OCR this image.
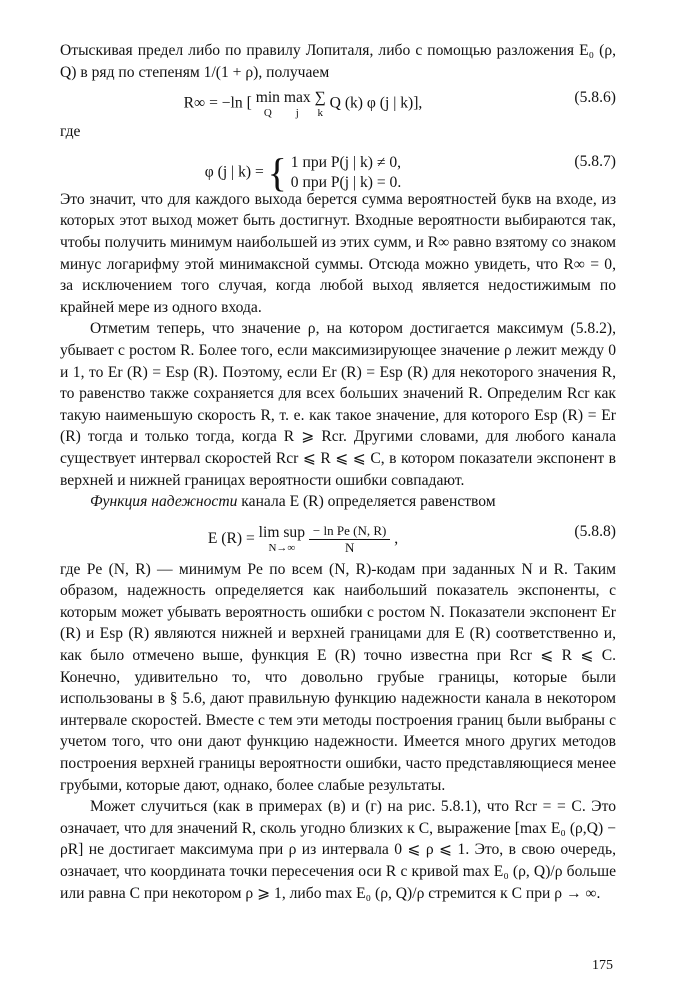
Отыскивая предел либо по правилу Лопиталя, либо с помощью разложения E₀ (ρ, Q) в ряд по степеням 1/(1 + ρ), получаем

R∞ = −ln [ min
Q
max
j
∑
k
Q (k) φ (j | k)],	(5.8.6)

где

φ (j | k) = { 1 при P(j | k) ≠ 0,
0 при P(j | k) = 0.
(5.8.7)

Это значит, что для каждого выхода берется сумма вероятностей букв на входе, из которых этот выход может быть достигнут. Входные вероятности выбираются так, чтобы получить минимум наибольшей из этих сумм, и R∞ равно взятому со знаком минус логарифму этой минимаксной суммы. Отсюда можно увидеть, что R∞ = 0, за исключением того случая, когда любой выход является недостижимым по крайней мере из одного входа.

Отметим теперь, что значение ρ, на котором достигается максимум (5.8.2), убывает с ростом R. Более того, если максимизирующее значение ρ лежит между 0 и 1, то Er (R) = Esp (R). Поэтому, если Er (R) = Esp (R) для некоторого значения R, то равенство также сохраняется для всех больших значений R. Определим Rcr как такую наименьшую скорость R, т. е. как такое значение, для которого Esp (R) = Er (R) тогда и только тогда, когда R ⩾ Rcr. Другими словами, для любого канала существует интервал скоростей Rcr ⩽ R ⩽ ⩽ C, в котором показатели экспонент в верхней и нижней границах вероятности ошибки совпадают.

Функция надежности канала E (R) определяется равенством

E (R) = lim sup
N→∞
	$\frac{\text{− ln Pe (N, R)}}{N}$ ,	(5.8.8)

где Pe (N, R) — минимум Pe по всем (N, R)-кодам при заданных N и R. Таким образом, надежность определяется как наибольший показатель экспоненты, с которым может убывать вероятность ошибки с ростом N. Показатели экспонент Er (R) и Esp (R) являются нижней и верхней границами для E (R) соответственно и, как было отмечено выше, функция E (R) точно известна при Rcr ⩽ R ⩽ C. Конечно, удивительно то, что довольно грубые границы, которые были использованы в § 5.6, дают правильную функцию надежности канала в некотором интервале скоростей. Вместе с тем эти методы построения границ были выбраны с учетом того, что они дают функцию надежности. Имеется много других методов построения верхней границы вероятности ошибки, часто представляющиеся менее грубыми, которые дают, однако, более слабые результаты.

Может случиться (как в примерах (в) и (г) на рис. 5.8.1), что Rcr = = C. Это означает, что для значений R, сколь угодно близких к C, выражение [max E₀ (ρ,Q) − ρR] не достигает максимума при ρ из интервала 0 ⩽ ρ ⩽ 1. Это, в свою очередь, означает, что координата точки пересечения оси R с кривой max E₀ (ρ, Q)/ρ больше или равна C при некотором ρ ⩾ 1, либо max E₀ (ρ, Q)/ρ стремится к C при ρ → ∞.

175
